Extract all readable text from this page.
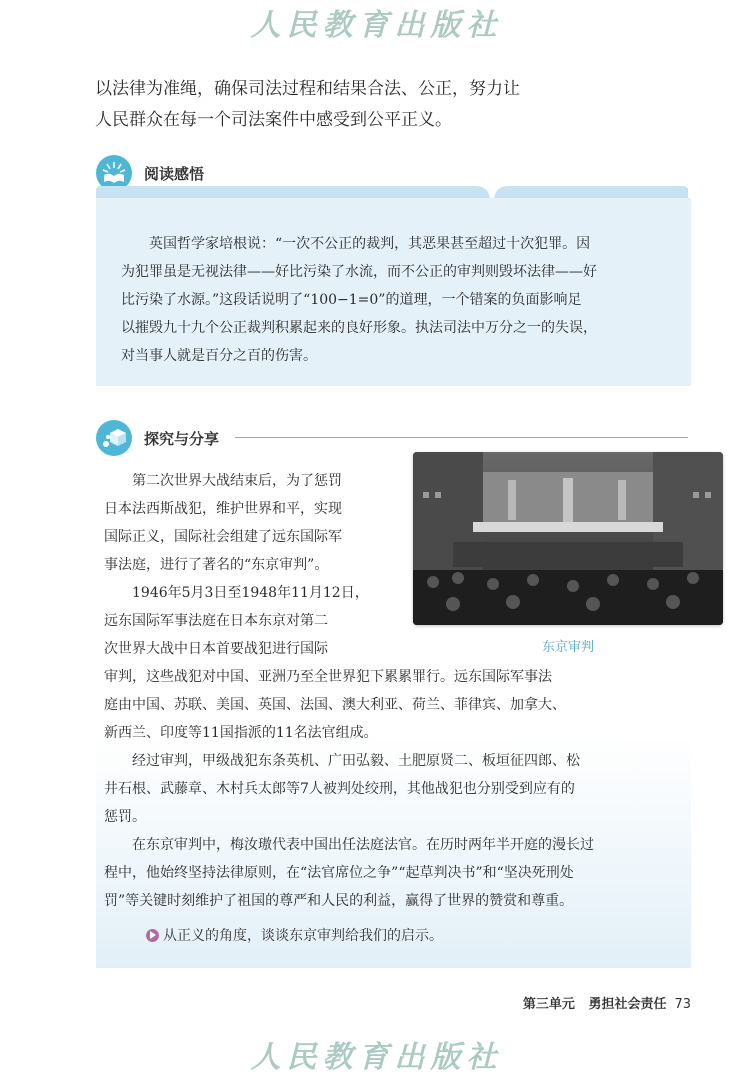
人民教育出版社

以法律为准绳，确保司法过程和结果合法、公正，努力让

人民群众在每一个司法案件中感受到公平正义。

阅读感悟

英国哲学家培根说：“一次不公正的裁判，其恶果甚至超过十次犯罪。因

为犯罪虽是无视法律——好比污染了水流，而不公正的审判则毁坏法律——好
比污染了水源。”这段话说明了“100−1=0”的道理，一个错案的负面影响足
以摧毁九十九个公正裁判积累起来的良好形象。执法司法中万分之一的失误，
对当事人就是百分之百的伤害。
探究与分享
东京审判
第二次世界大战结束后，为了惩罚
日本法西斯战犯，维护世界和平，实现
国际正义，国际社会组建了远东国际军
事法庭，进行了著名的“东京审判”。
1946年5月3日至1948年11月12日，
远东国际军事法庭在日本东京对第二
次世界大战中日本首要战犯进行国际
审判，这些战犯对中国、亚洲乃至全世界犯下累累罪行。远东国际军事法
庭由中国、苏联、美国、英国、法国、澳大利亚、荷兰、菲律宾、加拿大、
新西兰、印度等11国指派的11名法官组成。
经过审判，甲级战犯东条英机、广田弘毅、土肥原贤二、板垣征四郎、松
井石根、武藤章、木村兵太郎等7人被判处绞刑，其他战犯也分别受到应有的
惩罚。
在东京审判中，梅汝璈代表中国出任法庭法官。在历时两年半开庭的漫长过
程中，他始终坚持法律原则，在“法官席位之争”“起草判决书”和“坚决死刑处
罚”等关键时刻维护了祖国的尊严和人民的利益，赢得了世界的赞赏和尊重。
从正义的角度，谈谈东京审判给我们的启示。
第三单元   勇担社会责任 73
人民教育出版社
